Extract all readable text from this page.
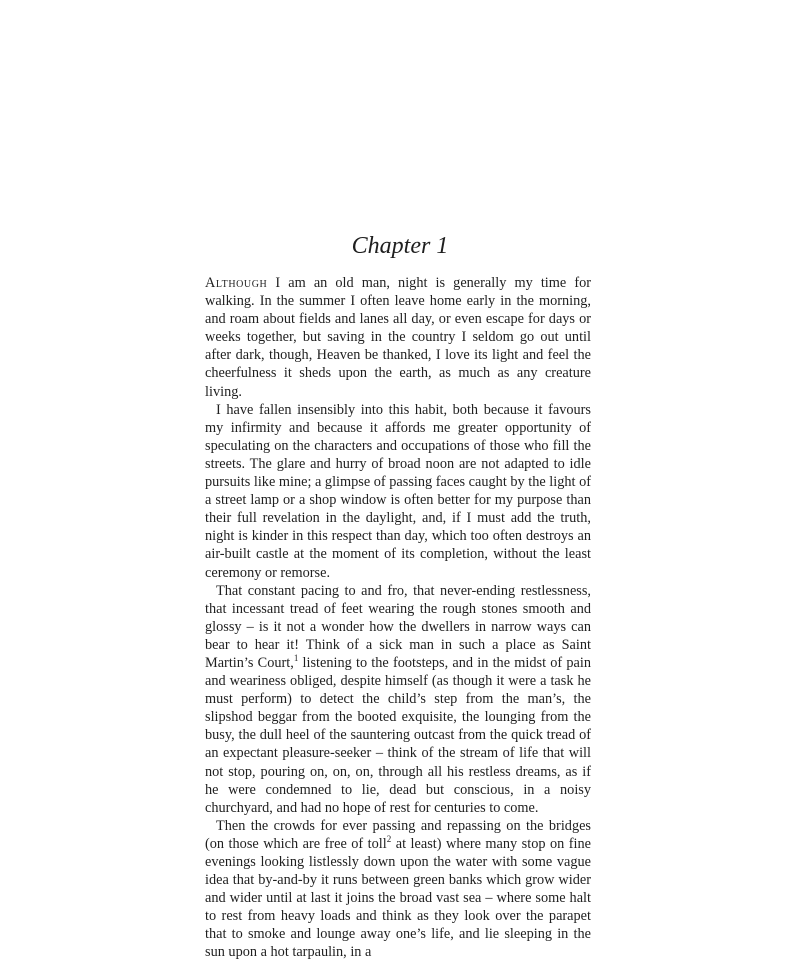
Chapter 1

Although I am an old man, night is generally my time for walking. In the summer I often leave home early in the morning, and roam about fields and lanes all day, or even escape for days or weeks together, but saving in the country I seldom go out until after dark, though, Heaven be thanked, I love its light and feel the cheerfulness it sheds upon the earth, as much as any creature living.

I have fallen insensibly into this habit, both because it favours my infirmity and because it affords me greater opportunity of speculating on the characters and occupations of those who fill the streets. The glare and hurry of broad noon are not adapted to idle pursuits like mine; a glimpse of passing faces caught by the light of a street lamp or a shop window is often better for my purpose than their full revelation in the daylight, and, if I must add the truth, night is kinder in this respect than day, which too often destroys an air-built castle at the moment of its completion, without the least ceremony or remorse.

That constant pacing to and fro, that never-ending restlessness, that incessant tread of feet wearing the rough stones smooth and glossy – is it not a wonder how the dwellers in narrow ways can bear to hear it! Think of a sick man in such a place as Saint Martin’s Court,$^1$ listening to the footsteps, and in the midst of pain and weariness obliged, despite himself (as though it were a task he must perform) to detect the child’s step from the man’s, the slipshod beggar from the booted exquisite, the lounging from the busy, the dull heel of the sauntering outcast from the quick tread of an expectant pleasure-seeker – think of the stream of life that will not stop, pouring on, on, on, through all his restless dreams, as if he were condemned to lie, dead but conscious, in a noisy churchyard, and had no hope of rest for centuries to come.

Then the crowds for ever passing and repassing on the bridges (on those which are free of toll$^2$ at least) where many stop on fine evenings looking listlessly down upon the water with some vague idea that by-and-by it runs between green banks which grow wider and wider until at last it joins the broad vast sea – where some halt to rest from heavy loads and think as they look over the parapet that to smoke and lounge away one’s life, and lie sleeping in the sun upon a hot tarpaulin, in a
